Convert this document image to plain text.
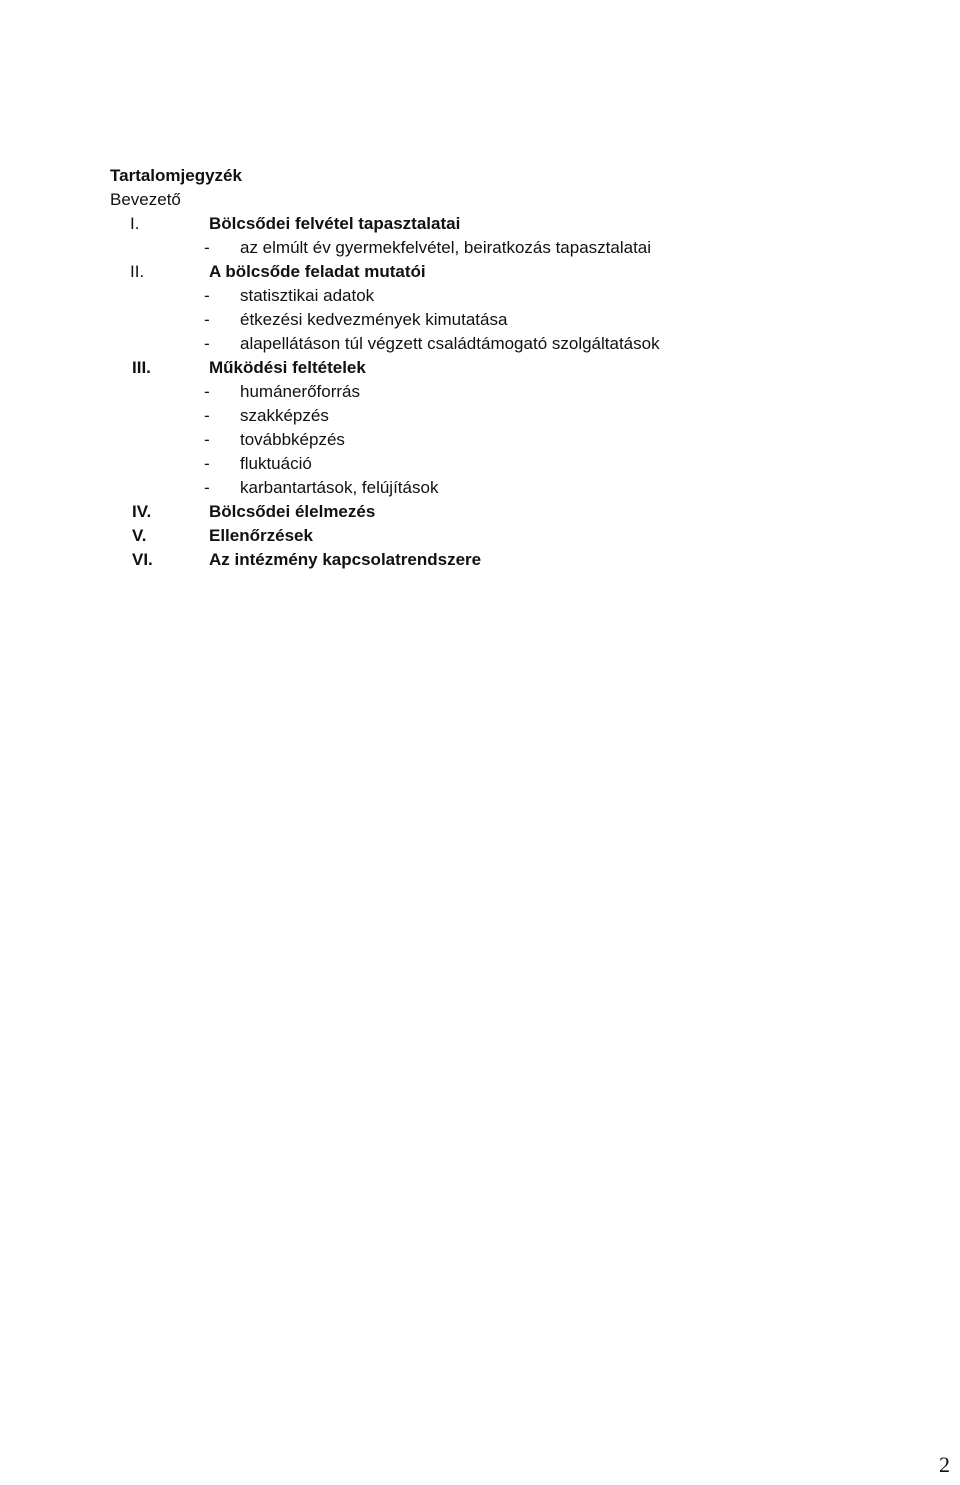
Tartalomjegyzék
Bevezető
I.	Bölcsődei felvétel tapasztalatai
- az elmúlt év gyermekfelvétel, beiratkozás tapasztalatai
II.	A bölcsőde feladat mutatói
- statisztikai adatok
- étkezési kedvezmények kimutatása
- alapellátáson túl végzett családtámogató szolgáltatások
III.	Működési feltételek
- humánerőforrás
- szakképzés
- továbbképzés
- fluktuáció
- karbantartások, felújítások
IV.	Bölcsődei élelmezés
V.	Ellenőrzések
VI.	Az intézmény kapcsolatrendszere
2
